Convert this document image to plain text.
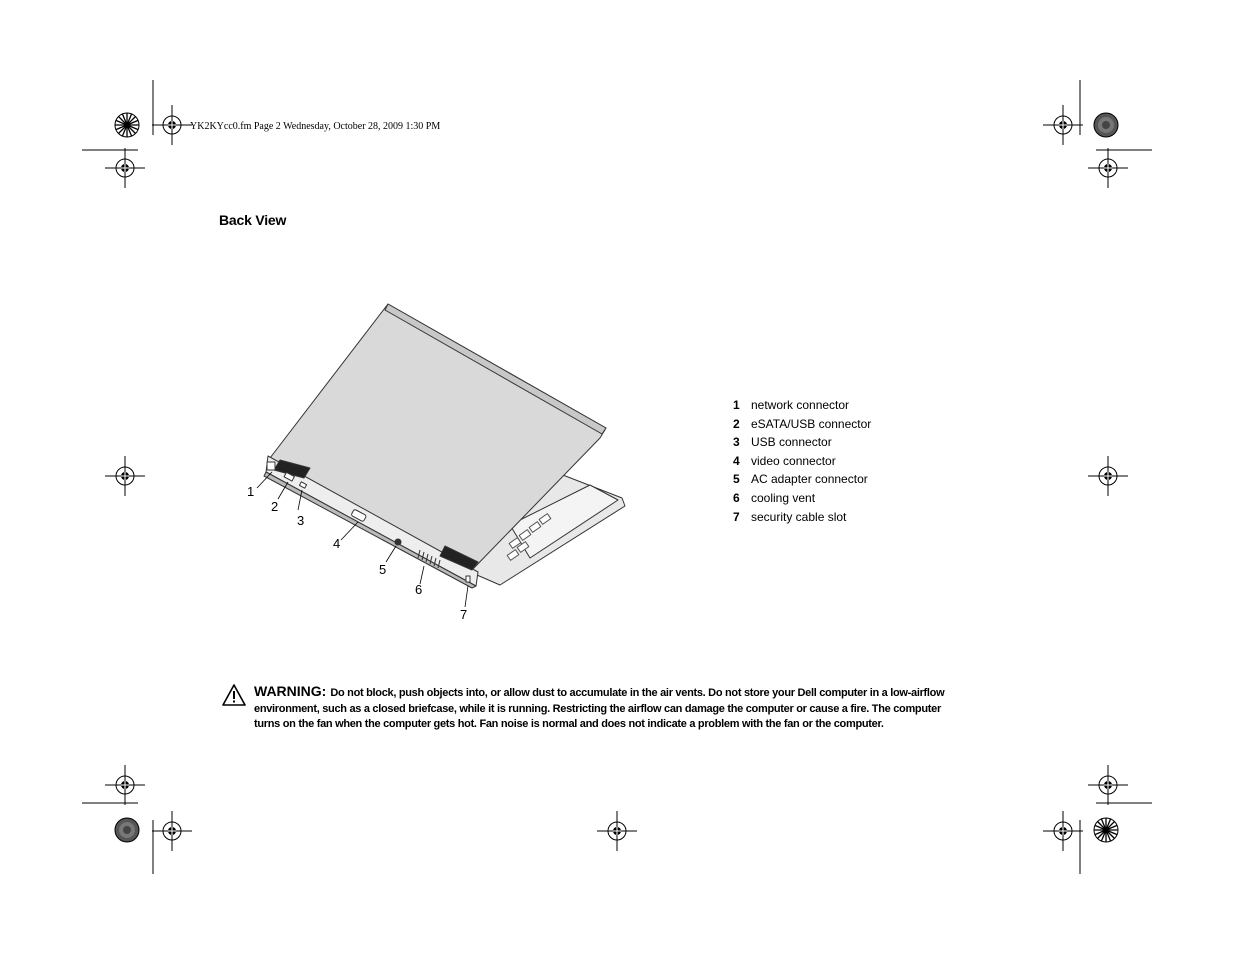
YK2KYcc0.fm Page 2 Wednesday, October 28, 2009 1:30 PM
Back View
1
2
3
4
5
6
7
1 network connector
2 eSATA/USB connector
3 USB connector
4 video connector
5 AC adapter connector
6 cooling vent
7 security cable slot
WARNING: Do not block, push objects into, or allow dust to accumulate in the air vents. Do not store your Dell computer in a low-airflow environment, such as a closed briefcase, while it is running. Restricting the airflow can damage the computer or cause a fire. The computer turns on the fan when the computer gets hot. Fan noise is normal and does not indicate a problem with the fan or the computer.
